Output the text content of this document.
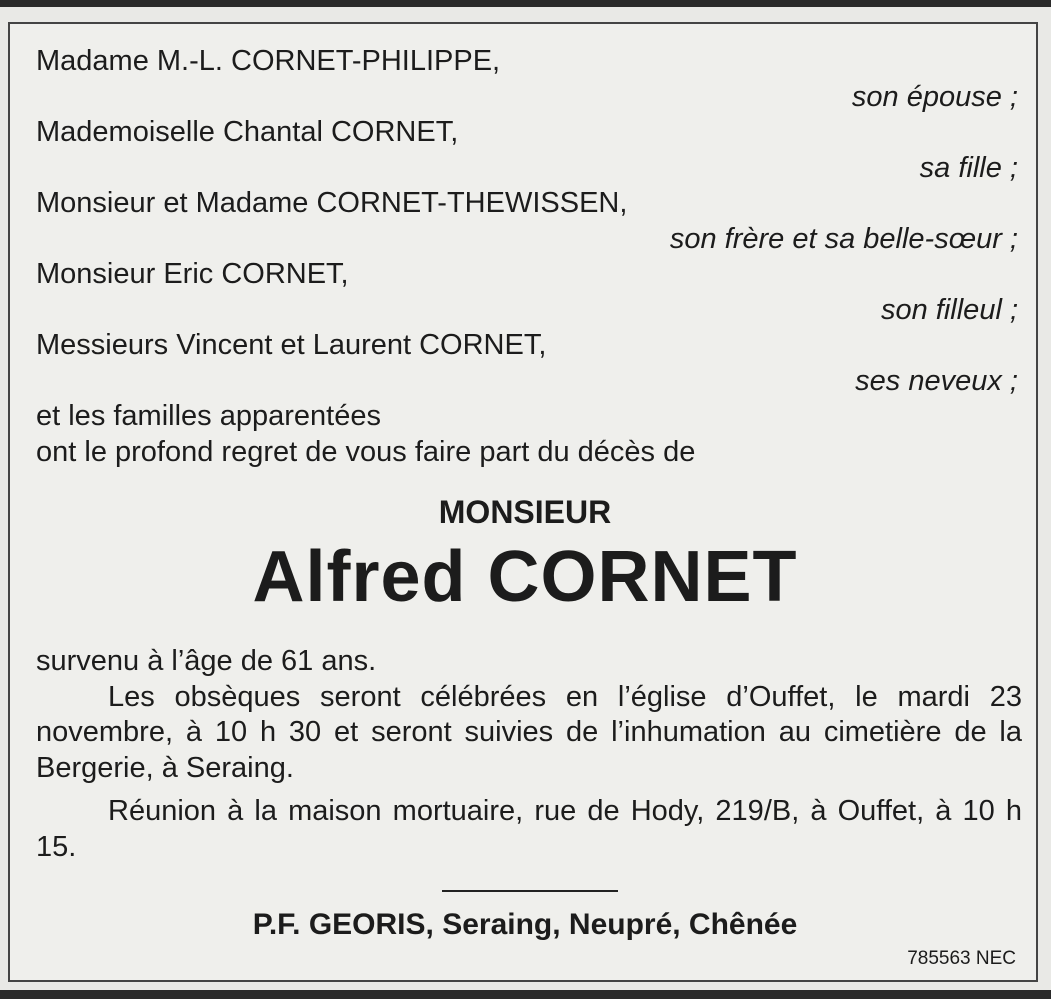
Madame M.-L. CORNET-PHILIPPE,
son épouse ;
Mademoiselle Chantal CORNET,
sa fille ;
Monsieur et Madame CORNET-THEWISSEN,
son frère et sa belle-sœur ;
Monsieur Eric CORNET,
son filleul ;
Messieurs Vincent et Laurent CORNET,
ses neveux ;
et les familles apparentées
ont le profond regret de vous faire part du décès de
MONSIEUR
Alfred CORNET

survenu à l’âge de 61 ans.

Les obsèques seront célébrées en l’église d’Ouffet, le mardi 23 novembre, à 10 h 30 et seront suivies de l’inhumation au cimetière de la Bergerie, à Seraing.

Réunion à la maison mortuaire, rue de Hody, 219/B, à Ouffet, à 10 h 15.

P.F. GEORIS, Seraing, Neupré, Chênée
785563 NEC
